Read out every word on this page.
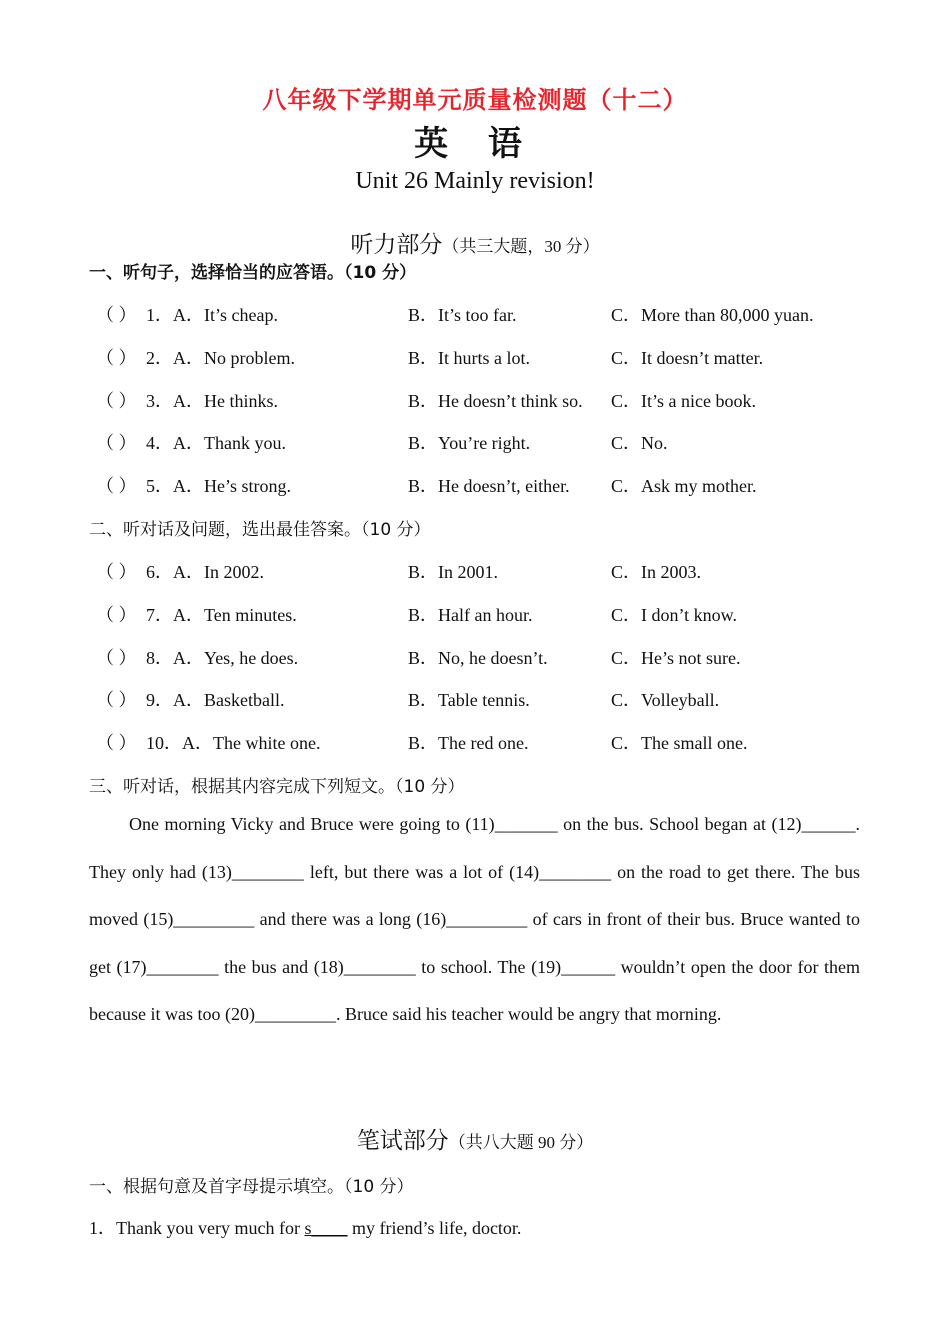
八年级下学期单元质量检测题（十二）
英 语
Unit 26 Mainly revision!
听力部分（共三大题，30 分）
一、听句子，选择恰当的应答语。（10 分）
（ ） 1．A．It’s cheap.	B．It’s too far.	C．More than 80,000 yuan.
（ ） 2．A．No problem.	B．It hurts a lot.	C．It doesn’t matter.
（ ） 3．A．He thinks.	B．He doesn’t think so. C．It’s a nice book.
（ ） 4．A．Thank you.	B．You’re right.	C．No.
（ ） 5．A．He’s strong.	B．He doesn’t, either. C．Ask my mother.
二、听对话及问题，选出最佳答案。（10 分）
（ ） 6．A．In 2002.	B．In 2001.	C．In 2003.
（ ） 7．A．Ten minutes.	B．Half an hour.	C．I don’t know.
（ ） 8．A．Yes, he does.	B．No, he doesn’t.	C．He’s not sure.
（ ） 9．A．Basketball.	B．Table tennis.	C．Volleyball.
（ ） 10．A．The white one.	B．The red one.	C．The small one.
三、听对话，根据其内容完成下列短文。（10 分）
One morning Vicky and Bruce were going to (11)_______ on the bus. School began at (12)______. They only had (13)________ left, but there was a lot of (14)________ on the road to get there. The bus moved (15)_________ and there was a long (16)_________ of cars in front of their bus. Bruce wanted to get (17)________ the bus and (18)________ to school. The (19)______ wouldn’t open the door for them because it was too (20)_________. Bruce said his teacher would be angry that morning.
笔试部分（共八大题 90 分）
一、根据句意及首字母提示填空。（10 分）
1．Thank you very much for s____ my friend’s life, doctor.
